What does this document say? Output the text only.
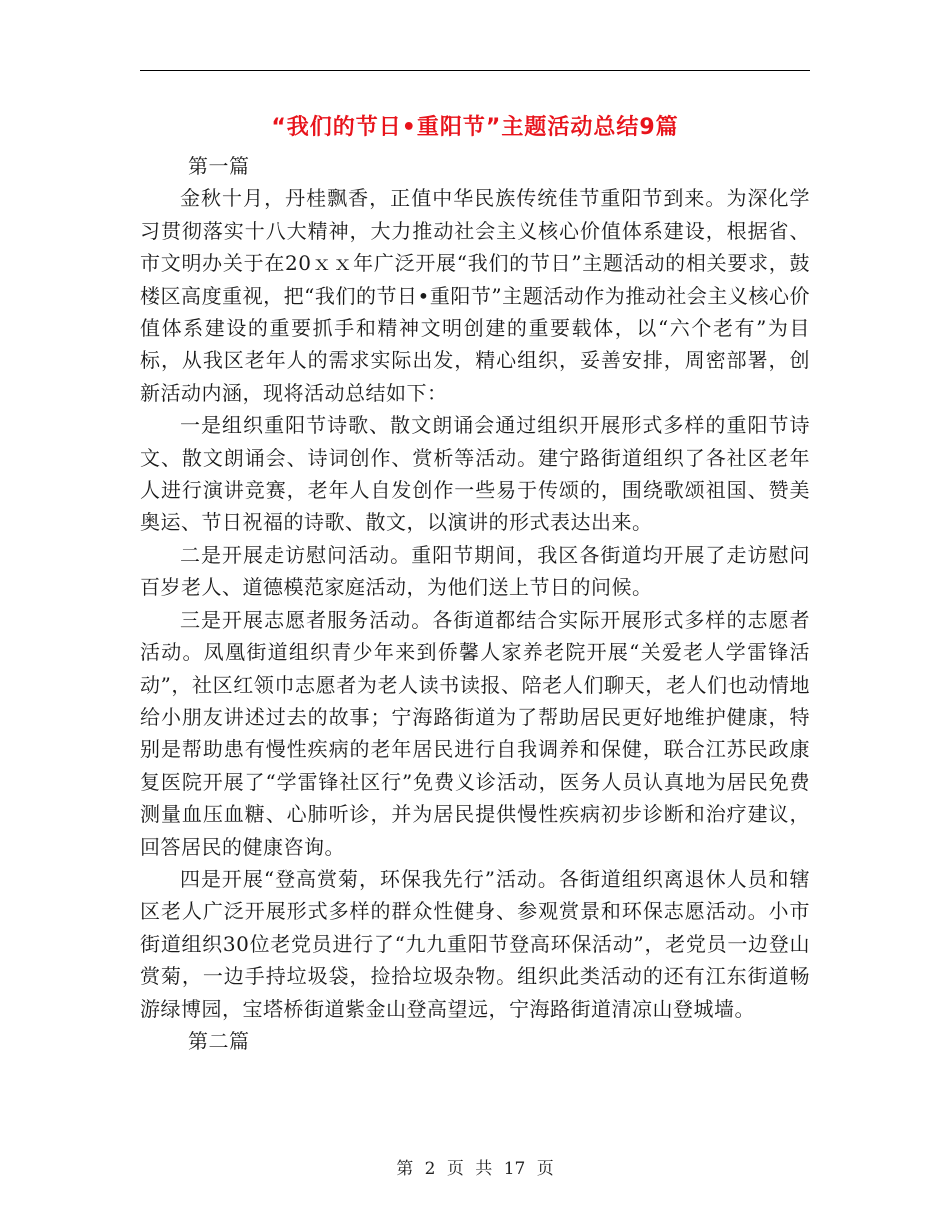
“我们的节日•重阳节”主题活动总结9篇

第一篇

金秋十月，丹桂飘香，正值中华民族传统佳节重阳节到来。为深化学习贯彻落实十八大精神，大力推动社会主义核心价值体系建设，根据省、市文明办关于在20ｘｘ年广泛开展“我们的节日”主题活动的相关要求，鼓楼区高度重视，把“我们的节日•重阳节”主题活动作为推动社会主义核心价值体系建设的重要抓手和精神文明创建的重要载体，以“六个老有”为目标，从我区老年人的需求实际出发，精心组织，妥善安排，周密部署，创新活动内涵，现将活动总结如下：

一是组织重阳节诗歌、散文朗诵会通过组织开展形式多样的重阳节诗文、散文朗诵会、诗词创作、赏析等活动。建宁路街道组织了各社区老年人进行演讲竞赛，老年人自发创作一些易于传颂的，围绕歌颂祖国、赞美奥运、节日祝福的诗歌、散文，以演讲的形式表达出来。

二是开展走访慰问活动。重阳节期间，我区各街道均开展了走访慰问百岁老人、道德模范家庭活动，为他们送上节日的问候。

三是开展志愿者服务活动。各街道都结合实际开展形式多样的志愿者活动。凤凰街道组织青少年来到侨馨人家养老院开展“关爱老人学雷锋活动”，社区红领巾志愿者为老人读书读报、陪老人们聊天，老人们也动情地给小朋友讲述过去的故事；宁海路街道为了帮助居民更好地维护健康，特别是帮助患有慢性疾病的老年居民进行自我调养和保健，联合江苏民政康复医院开展了“学雷锋社区行”免费义诊活动，医务人员认真地为居民免费测量血压血糖、心肺听诊，并为居民提供慢性疾病初步诊断和治疗建议，回答居民的健康咨询。

四是开展“登高赏菊，环保我先行”活动。各街道组织离退休人员和辖区老人广泛开展形式多样的群众性健身、参观赏景和环保志愿活动。小市街道组织30位老党员进行了“九九重阳节登高环保活动”，老党员一边登山赏菊，一边手持垃圾袋，捡拾垃圾杂物。组织此类活动的还有江东街道畅游绿博园，宝塔桥街道紫金山登高望远，宁海路街道清凉山登城墙。

第二篇

第 2 页 共 17 页
